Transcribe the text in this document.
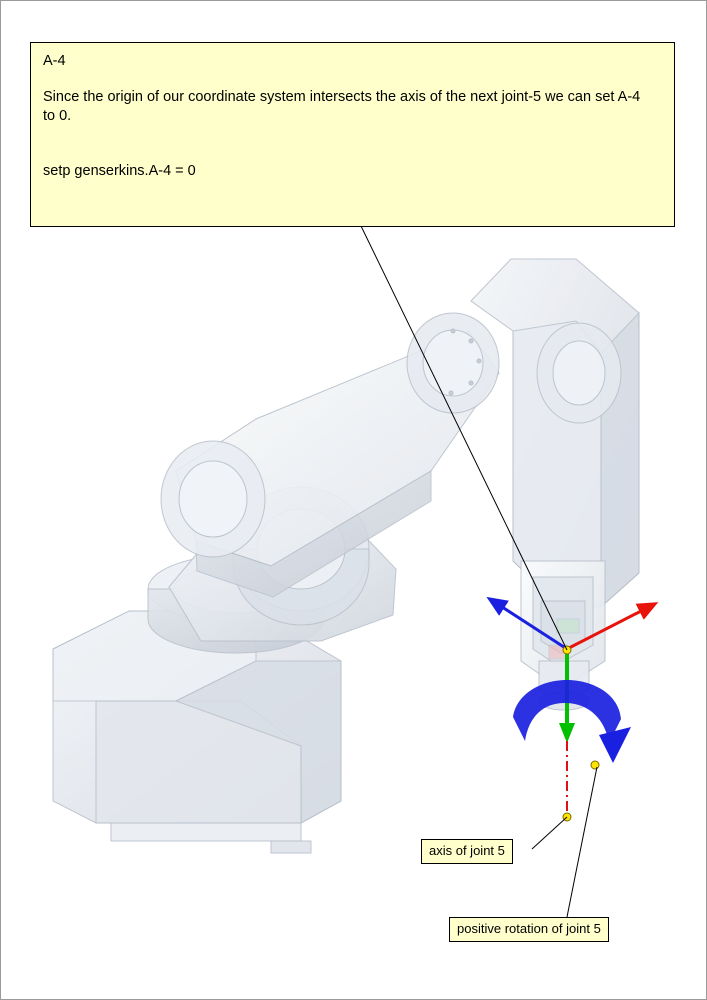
A-4

Since the origin of our coordinate system intersects the axis of the next joint-5 we can set A-4 to 0.

setp genserkins.A-4 = 0

axis of joint 5
positive rotation of joint 5
